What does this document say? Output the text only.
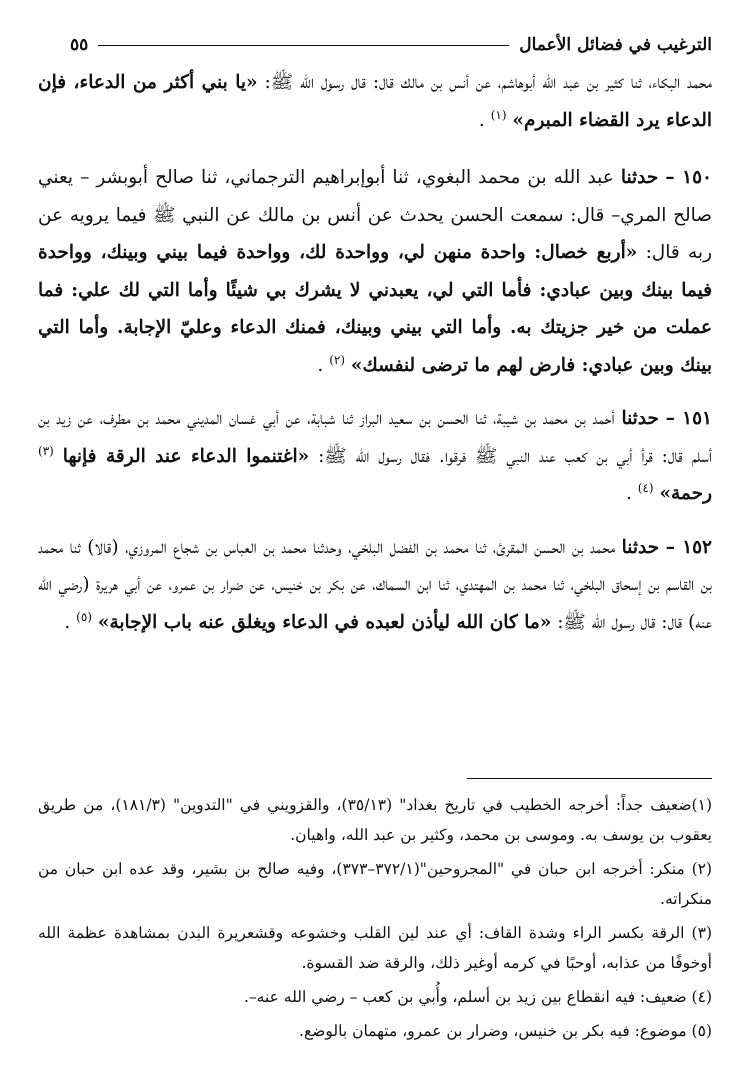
الترغيب في فضائل الأعمال
٥٥

محمد البكاء، ثنا كثير بن عبد الله أبوهاشم، عن أنس بن مالك قال: قال رسول الله ﷺ: «يا بني أكثر من الدعاء، فإن الدعاء يرد القضاء المبرم» $^{(١)}$ .

١٥٠ – حدثنا عبد الله بن محمد البغوي، ثنا أبوإبراهيم الترجماني، ثنا صالح أبوبشر – يعني صالح المري– قال: سمعت الحسن يحدث عن أنس بن مالك عن النبي ﷺ فيما يرويه عن ربه قال: «أربع خصال: واحدة منهن لي، وواحدة لك، وواحدة فيما بيني وبينك، وواحدة فيما بينك وبين عبادي: فأما التي لي، يعبدني لا يشرك بي شيئًا وأما التي لك علي: فما عملت من خير جزيتك به. وأما التي بيني وبينك، فمنك الدعاء وعليّ الإجابة. وأما التي بينك وبين عبادي: فارض لهم ما ترضى لنفسك» $^{(٢)}$ .

١٥١ – حدثنا أحمد بن محمد بن شيبة، ثنا الحسن بن سعيد البراز ثنا شبابة، عن أبي غسان المديني محمد بن مطرف، عن زيد بن أسلم قال: قرأ أبي بن كعب عند النبي ﷺ فرقوا. فقال رسول الله ﷺ: «اغتنموا الدعاء عند الرقة فإنها $^{(٣)}$ رحمة» $^{(٤)}$ .

١٥٢ – حدثنا محمد بن الحسن المقرئ، ثنا محمد بن الفضل البلخي، وحدثنا محمد بن العباس بن شجاع المروزي، (قالا) ثنا محمد بن القاسم بن إسحاق البلخي، ثنا محمد بن المهتدي، ثنا ابن السماك، عن بكر بن خنيس، عن ضرار بن عمرو، عن أبي هريرة (رضي الله عنه) قال: قال رسول الله ﷺ: «ما كان الله ليأذن لعبده في الدعاء ويغلق عنه باب الإجابة» $^{(٥)}$ .

(١)ضعيف جداً: أخرجه الخطيب في تاريخ بغداد" (٣٥/١٣)، والقزويني في "التدوين" (١٨١/٣)، من طريق يعقوب بن يوسف به. وموسى بن محمد، وكثير بن عبد الله، واهيان.

(٢) منكر: أخرجه ابن حبان في "المجروحين"(٣٧٢/١–٣٧٣)، وفيه صالح بن بشير، وقد عده ابن حبان من منكراته.

(٣) الرقة بكسر الراء وشدة القاف: أي عند لين القلب وخشوعه وقشعريرة البدن بمشاهدة عظمة الله أوخوفًا من عذابه، أوحبًا في كرمه أوغير ذلك، والرقة ضد القسوة.

(٤) ضعيف: فيه انقطاع بين زيد بن أسلم، وأُبي بن كعب – رضي الله عنه–.

(٥) موضوع: فيه بكر بن خنيس، وضرار بن عمرو، متهمان بالوضع.
